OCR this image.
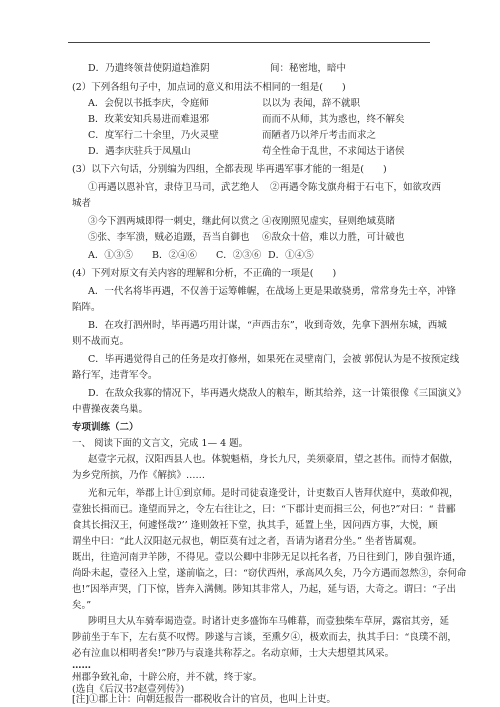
D．乃遣终领昔使阴道趋淮阴	间：秘密地，暗中
(2）下列各组句子中，加点词的意义和用法不相同的一组是(　　)
A．会倪以书抵李庆，令庭师	以以为 表闻，辞不就职
B．玫莱安知兵易进而难退邪	而而不从师，其为惑也，终不解矣
C．度军行二十余里，乃火灵壁	而陋者乃以斧斤考击而求之
D．遇李庆驻兵于凤凰山	苟全性命于乱世，不求闻达于诸侯
(3）以下六句话，分别编为四组，全都表现 毕再遇军事才能的一组是(　　)
①再遇以恩补官，隶侍卫马司，武艺绝人 ②再遇令陈戈旗舟楫于石屯下，如欲攻西
城者
③今下泗两城即得一刺史，继此何以赏之 ④夜刚照见虚实，昼则绝域莫睹
⑤张、李军溃，贼必追蹑，吾当自御也 ⑥敌众十倍，难以力胜，可计破也
A．①③⑤ B．②④⑥ C．②③⑥ D．①④⑤
(4）下列对原文有关内容的理解和分析，不正确的一项是(　　)
A．一代名将毕再遇，不仅善于运筹帷幄，在战场上更是果敢骁勇，常常身先士卒，冲锋
陷阵。
B．在攻打泗州时，毕再遇巧用计谋，“声西击东”，收到奇效，先拿下泗州东城，西城
则不战而克。
C．毕再遇觉得自己的任务是攻打修州，如果死在灵壁南门，会被 郭倪认为是不按预定线
路行军，违背军令。
D．在敌众我寡的情况下，毕再遇火烧敌人的粮车，断其给养，这一计策很像《三国演义》
中曹操夜袭乌巢。
专项训练（二）
一、 阅读下面的文言文，完成 1— 4 题。
赵壹字元叔，汉阳西县人也。体貌魁梧，身长九尺，美须豪眉，望之甚伟。而恃才倨傲，
为乡党所摈，乃作《解摈》……
光和元年，举郡上计①到京师。是时司徒袁逢受计，计吏数百人皆拜伏庭中，莫敢仰视，
壹独长揖而已。逢望而异之，令左右往让之，曰：“下郡计吏而揖三公，何也?”对曰：“ 昔郦
食其长揖汉王，何遽怪哉?’’ 逢则敛衽下堂，执其手，延置上坐，因问西方事，大悦，顾
谓坐中曰：“此人汉阳赵元叔也，朝臣莫有过之者，吾请为诸君分坐。” 坐者皆属观。
既出，往造河南尹羊陟，不得见。壹以公卿中非陟无足以托名者，乃日往到门，陟自强许通，
尚卧未起，壹径入上堂，遂前临之，曰：“窃伏西州，承高风久矣，乃今方遇而忽然③，奈何命
也!”因举声哭，门下惊，皆奔入满侧。陟知其非常人，乃起，延与语，大奇之。谓曰：“子出
矣。”
陟明旦大从车骑奉谒造壹。时诸计吏多盛饰车马帷幕，而壹独柴车草屏，露宿其旁，延
陟前坐于车下，左右莫不叹愕。陟遂与言谈，至熏夕④，极欢而去，执其手曰：“良璞不剖，
必有泣血以相明者矣!”陟乃与袁逢共称荐之。名动京师，士大夫想望其风采。
……
州郡争致礼命，十辟公府，并不就，终于家。
(选自《后汉书?赵壹列传》)
[注]①郡上计：向朝廷报告一郡税收合计的官员，也叫上计吏。
